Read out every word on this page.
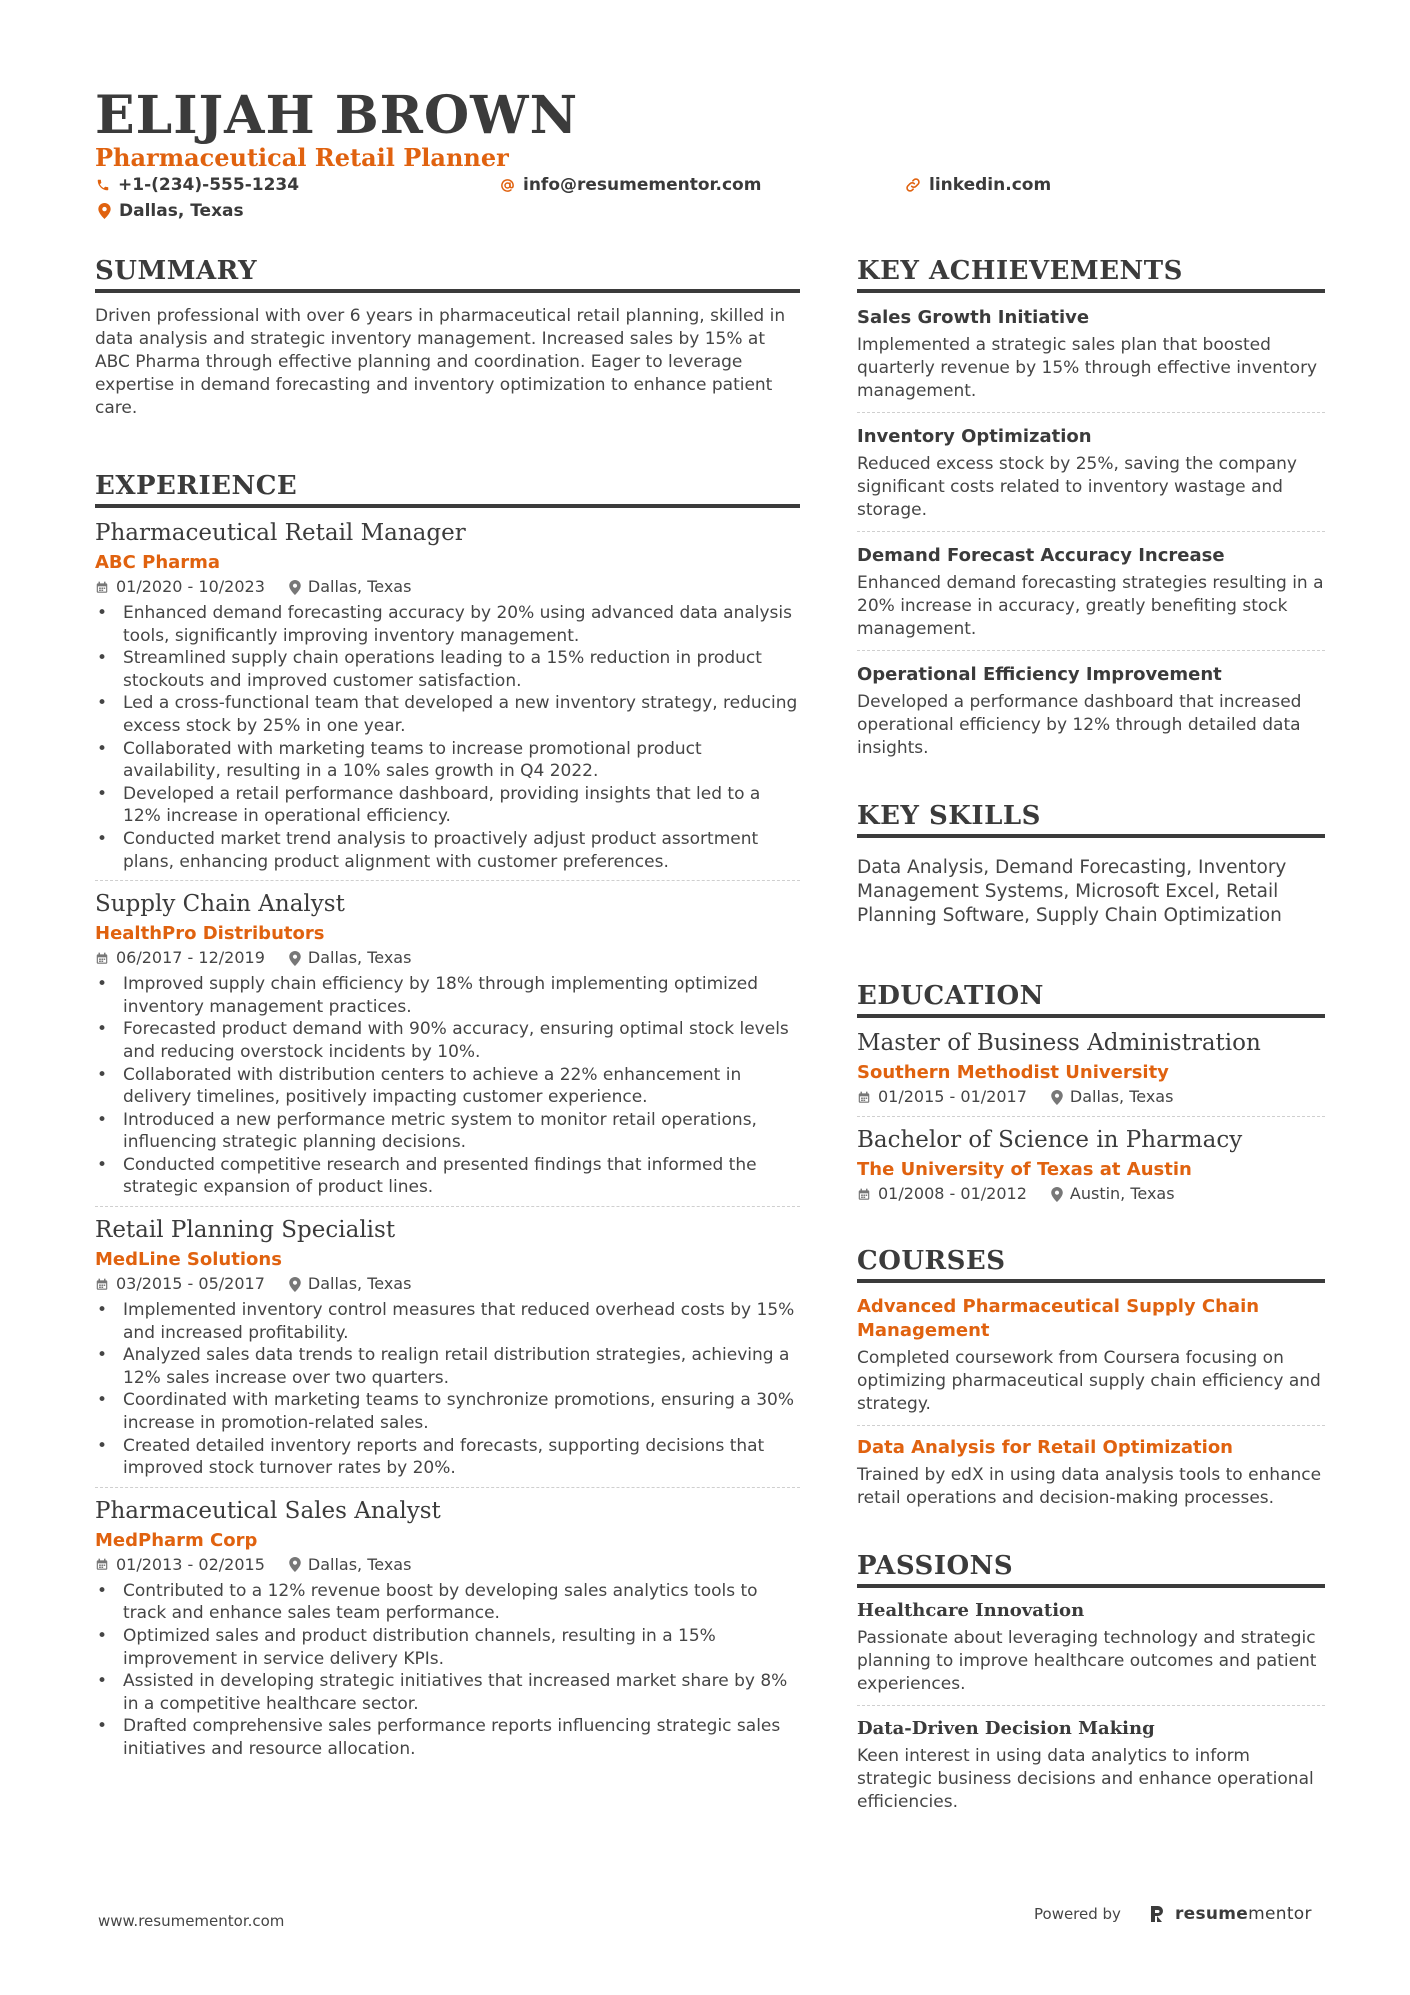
ELIJAH BROWN
Pharmaceutical Retail Planner
+1-(234)-555-1234	info@resumementor.com	linkedin.com
Dallas, Texas
SUMMARY
Driven professional with over 6 years in pharmaceutical retail planning, skilled in data analysis and strategic inventory management. Increased sales by 15% at ABC Pharma through effective planning and coordination. Eager to leverage expertise in demand forecasting and inventory optimization to enhance patient care.
EXPERIENCE
Pharmaceutical Retail Manager
ABC Pharma
01/2020 - 10/2023	Dallas, Texas
• Enhanced demand forecasting accuracy by 20% using advanced data analysis tools, significantly improving inventory management.
• Streamlined supply chain operations leading to a 15% reduction in product stockouts and improved customer satisfaction.
• Led a cross-functional team that developed a new inventory strategy, reducing excess stock by 25% in one year.
• Collaborated with marketing teams to increase promotional product availability, resulting in a 10% sales growth in Q4 2022.
• Developed a retail performance dashboard, providing insights that led to a 12% increase in operational efficiency.
• Conducted market trend analysis to proactively adjust product assortment plans, enhancing product alignment with customer preferences.
Supply Chain Analyst
HealthPro Distributors
06/2017 - 12/2019	Dallas, Texas
• Improved supply chain efficiency by 18% through implementing optimized inventory management practices.
• Forecasted product demand with 90% accuracy, ensuring optimal stock levels and reducing overstock incidents by 10%.
• Collaborated with distribution centers to achieve a 22% enhancement in delivery timelines, positively impacting customer experience.
• Introduced a new performance metric system to monitor retail operations, influencing strategic planning decisions.
• Conducted competitive research and presented findings that informed the strategic expansion of product lines.
Retail Planning Specialist
MedLine Solutions
03/2015 - 05/2017	Dallas, Texas
• Implemented inventory control measures that reduced overhead costs by 15% and increased profitability.
• Analyzed sales data trends to realign retail distribution strategies, achieving a 12% sales increase over two quarters.
• Coordinated with marketing teams to synchronize promotions, ensuring a 30% increase in promotion-related sales.
• Created detailed inventory reports and forecasts, supporting decisions that improved stock turnover rates by 20%.
Pharmaceutical Sales Analyst
MedPharm Corp
01/2013 - 02/2015	Dallas, Texas
• Contributed to a 12% revenue boost by developing sales analytics tools to track and enhance sales team performance.
• Optimized sales and product distribution channels, resulting in a 15% improvement in service delivery KPIs.
• Assisted in developing strategic initiatives that increased market share by 8% in a competitive healthcare sector.
• Drafted comprehensive sales performance reports influencing strategic sales initiatives and resource allocation.
KEY ACHIEVEMENTS
Sales Growth Initiative
Implemented a strategic sales plan that boosted quarterly revenue by 15% through effective inventory management.
Inventory Optimization
Reduced excess stock by 25%, saving the company significant costs related to inventory wastage and storage.
Demand Forecast Accuracy Increase
Enhanced demand forecasting strategies resulting in a 20% increase in accuracy, greatly benefiting stock management.
Operational Efficiency Improvement
Developed a performance dashboard that increased operational efficiency by 12% through detailed data insights.
KEY SKILLS
Data Analysis, Demand Forecasting, Inventory Management Systems, Microsoft Excel, Retail Planning Software, Supply Chain Optimization
EDUCATION
Master of Business Administration
Southern Methodist University
01/2015 - 01/2017	Dallas, Texas
Bachelor of Science in Pharmacy
The University of Texas at Austin
01/2008 - 01/2012	Austin, Texas
COURSES
Advanced Pharmaceutical Supply Chain Management
Completed coursework from Coursera focusing on optimizing pharmaceutical supply chain efficiency and strategy.
Data Analysis for Retail Optimization
Trained by edX in using data analysis tools to enhance retail operations and decision-making processes.
PASSIONS
Healthcare Innovation
Passionate about leveraging technology and strategic planning to improve healthcare outcomes and patient experiences.
Data-Driven Decision Making
Keen interest in using data analytics to inform strategic business decisions and enhance operational efficiencies.
www.resumementor.com	Powered by	resumementor
